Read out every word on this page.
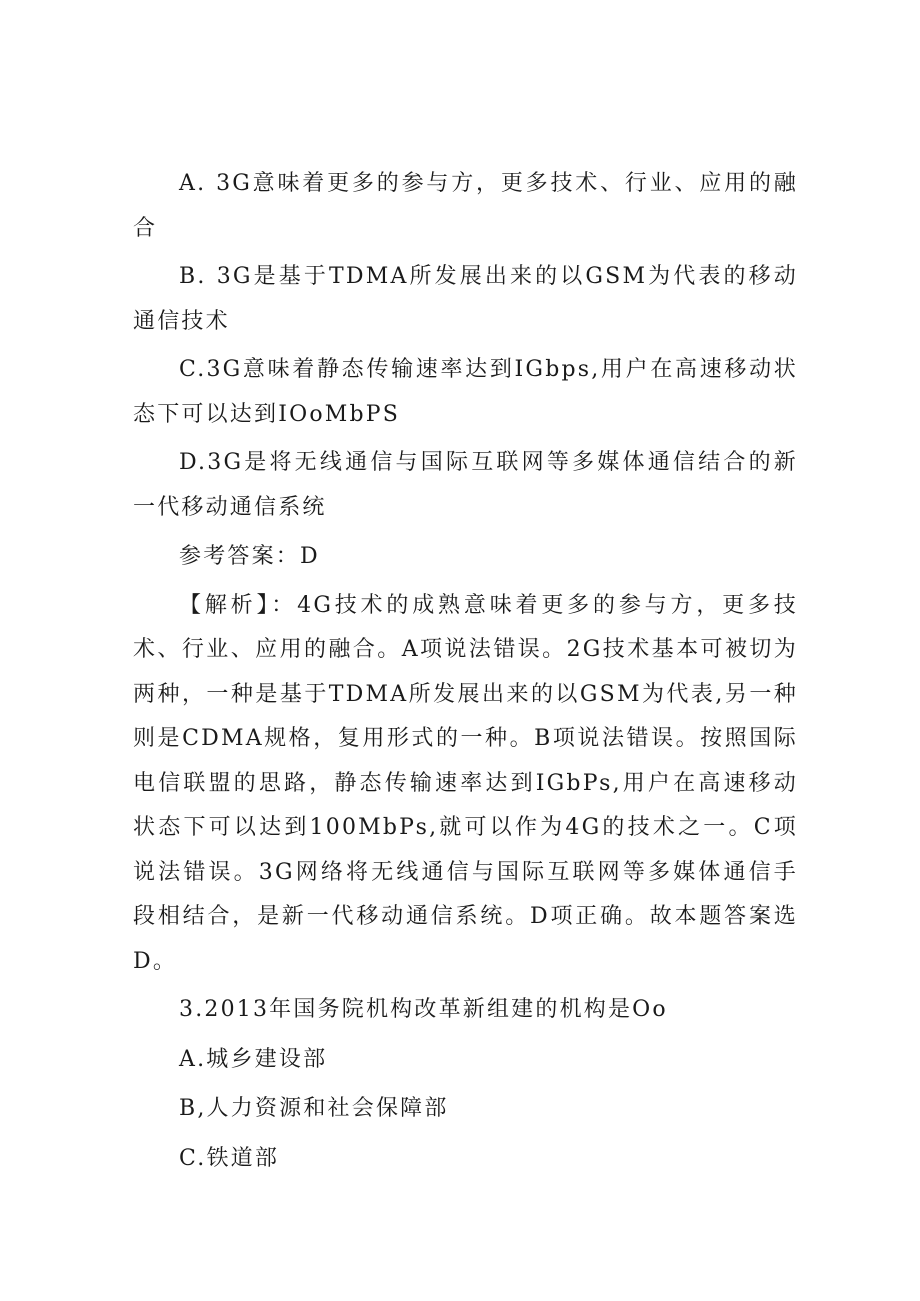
A. 3G意味着更多的参与方，更多技术、行业、应用的融合

B. 3G是基于TDMA所发展出来的以GSM为代表的移动通信技术

C.3G意味着静态传输速率达到IGbps,用户在高速移动状态下可以达到IOoMbPS

D.3G是将无线通信与国际互联网等多媒体通信结合的新一代移动通信系统

参考答案：D

【解析】：4G技术的成熟意味着更多的参与方，更多技术、行业、应用的融合。A项说法错误。2G技术基本可被切为两种，一种是基于TDMA所发展出来的以GSM为代表,另一种则是CDMA规格，复用形式的一种。B项说法错误。按照国际电信联盟的思路，静态传输速率达到IGbPs,用户在高速移动状态下可以达到100MbPs,就可以作为4G的技术之一。C项说法错误。3G网络将无线通信与国际互联网等多媒体通信手段相结合，是新一代移动通信系统。D项正确。故本题答案选D。

3.2013年国务院机构改革新组建的机构是Oo

A.城乡建设部

B,人力资源和社会保障部

C.铁道部
